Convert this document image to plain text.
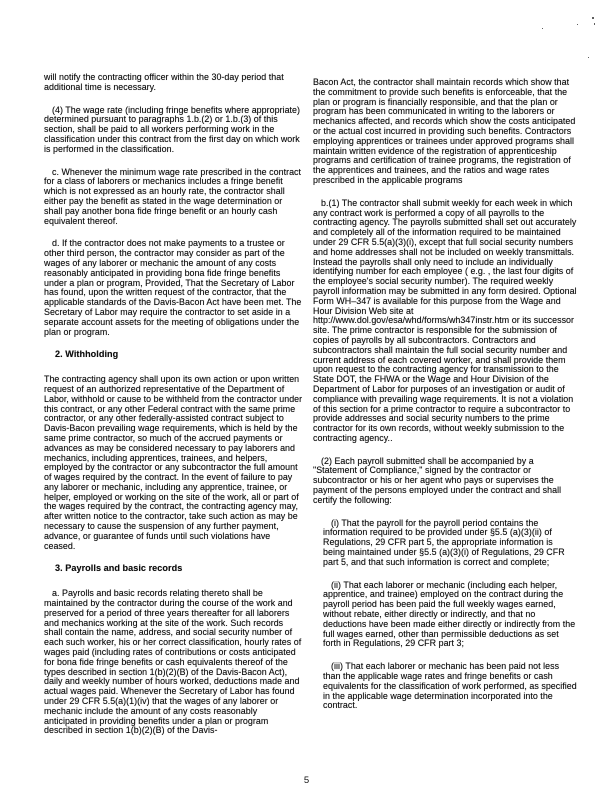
will notify the contracting officer within the 30-day period that additional time is necessary.

(4) The wage rate (including fringe benefits where appropriate) determined pursuant to paragraphs 1.b.(2) or 1.b.(3) of this section, shall be paid to all workers performing work in the classification under this contract from the first day on which work is performed in the classification.

c. Whenever the minimum wage rate prescribed in the contract for a class of laborers or mechanics includes a fringe benefit which is not expressed as an hourly rate, the contractor shall either pay the benefit as stated in the wage determination or shall pay another bona fide fringe benefit or an hourly cash equivalent thereof.

d. If the contractor does not make payments to a trustee or other third person, the contractor may consider as part of the wages of any laborer or mechanic the amount of any costs reasonably anticipated in providing bona fide fringe benefits under a plan or program, Provided, That the Secretary of Labor has found, upon the written request of the contractor, that the applicable standards of the Davis-Bacon Act have been met. The Secretary of Labor may require the contractor to set aside in a separate account assets for the meeting of obligations under the plan or program.

2. Withholding

The contracting agency shall upon its own action or upon written request of an authorized representative of the Department of Labor, withhold or cause to be withheld from the contractor under this contract, or any other Federal contract with the same prime contractor, or any other federally-assisted contract subject to Davis-Bacon prevailing wage requirements, which is held by the same prime contractor, so much of the accrued payments or advances as may be considered necessary to pay laborers and mechanics, including apprentices, trainees, and helpers, employed by the contractor or any subcontractor the full amount of wages required by the contract. In the event of failure to pay any laborer or mechanic, including any apprentice, trainee, or helper, employed or working on the site of the work, all or part of the wages required by the contract, the contracting agency may, after written notice to the contractor, take such action as may be necessary to cause the suspension of any further payment, advance, or guarantee of funds until such violations have ceased.

3. Payrolls and basic records

a. Payrolls and basic records relating thereto shall be maintained by the contractor during the course of the work and preserved for a period of three years thereafter for all laborers and mechanics working at the site of the work. Such records shall contain the name, address, and social security number of each such worker, his or her correct classification, hourly rates of wages paid (including rates of contributions or costs anticipated for bona fide fringe benefits or cash equivalents thereof of the types described in section 1(b)(2)(B) of the Davis-Bacon Act), daily and weekly number of hours worked, deductions made and actual wages paid. Whenever the Secretary of Labor has found under 29 CFR 5.5(a)(1)(iv) that the wages of any laborer or mechanic include the amount of any costs reasonably anticipated in providing benefits under a plan or program described in section 1(b)(2)(B) of the Davis-

Bacon Act, the contractor shall maintain records which show that the commitment to provide such benefits is enforceable, that the plan or program is financially responsible, and that the plan or program has been communicated in writing to the laborers or mechanics affected, and records which show the costs anticipated or the actual cost incurred in providing such benefits. Contractors employing apprentices or trainees under approved programs shall maintain written evidence of the registration of apprenticeship programs and certification of trainee programs, the registration of the apprentices and trainees, and the ratios and wage rates prescribed in the applicable programs

b.(1) The contractor shall submit weekly for each week in which any contract work is performed a copy of all payrolls to the contracting agency. The payrolls submitted shall set out accurately and completely all of the information required to be maintained under 29 CFR 5.5(a)(3)(i), except that full social security numbers and home addresses shall not be included on weekly transmittals. Instead the payrolls shall only need to include an individually identifying number for each employee ( e.g. , the last four digits of the employee's social security number). The required weekly payroll information may be submitted in any form desired. Optional Form WH–347 is available for this purpose from the Wage and Hour Division Web site at http://www.dol.gov/esa/whd/forms/wh347instr.htm or its successor site. The prime contractor is responsible for the submission of copies of payrolls by all subcontractors. Contractors and subcontractors shall maintain the full social security number and current address of each covered worker, and shall provide them upon request to the contracting agency for transmission to the State DOT, the FHWA or the Wage and Hour Division of the Department of Labor for purposes of an investigation or audit of compliance with prevailing wage requirements. It is not a violation of this section for a prime contractor to require a subcontractor to provide addresses and social security numbers to the prime contractor for its own records, without weekly submission to the contracting agency..

(2) Each payroll submitted shall be accompanied by a "Statement of Compliance," signed by the contractor or subcontractor or his or her agent who pays or supervises the payment of the persons employed under the contract and shall certify the following:

(i) That the payroll for the payroll period contains the information required to be provided under §5.5 (a)(3)(ii) of Regulations, 29 CFR part 5, the appropriate information is being maintained under §5.5 (a)(3)(i) of Regulations, 29 CFR part 5, and that such information is correct and complete;

(ii) That each laborer or mechanic (including each helper, apprentice, and trainee) employed on the contract during the payroll period has been paid the full weekly wages earned, without rebate, either directly or indirectly, and that no deductions have been made either directly or indirectly from the full wages earned, other than permissible deductions as set forth in Regulations, 29 CFR part 3;

(iii) That each laborer or mechanic has been paid not less than the applicable wage rates and fringe benefits or cash equivalents for the classification of work performed, as specified in the applicable wage determination incorporated into the contract.

5
